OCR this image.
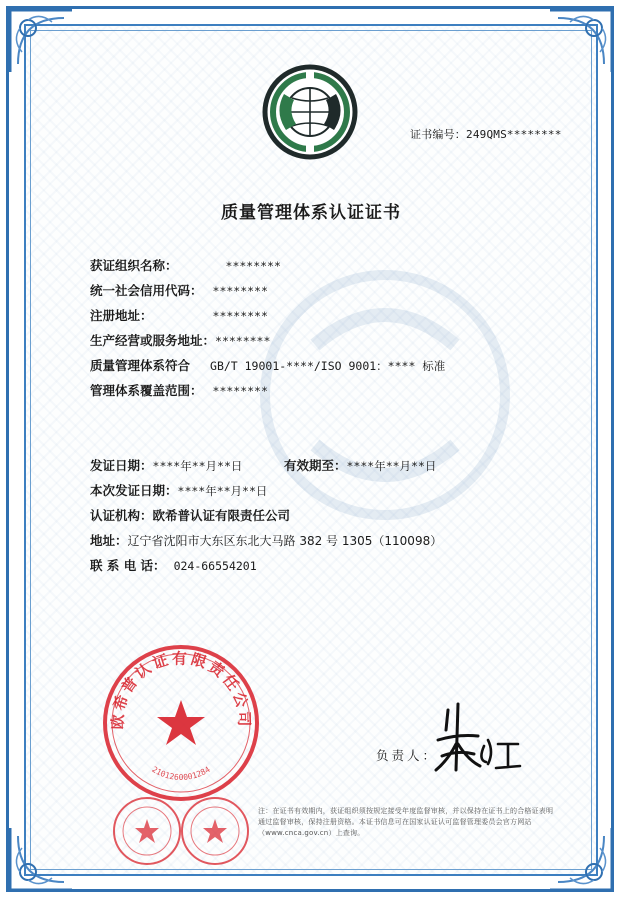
证书编号：249QMS********
质量管理体系认证证书
获证组织名称：	********
统一社会信用代码： ********
注册地址：	********
生产经营或服务地址：********
质量管理体系符合 GB/T 19001-****/ISO 9001：**** 标准
管理体系覆盖范围： ********
发证日期：****年**月**日	有效期至：****年**月**日
本次发证日期：****年**月**日
认证机构：欧希普认证有限责任公司
地址：辽宁省沈阳市大东区东北大马路 382 号 1305（110098）
联 系 电 话： 024-66554201
欧希普认证有限责任公司
2101260001284
负责人：
注：在证书有效期内，获证组织须按规定接受年度监督审核，并以保持在证书上的合格证表明通过监督审核，保持注册资格。本证书信息可在国家认证认可监督管理委员会官方网站（www.cnca.gov.cn）上查询。
